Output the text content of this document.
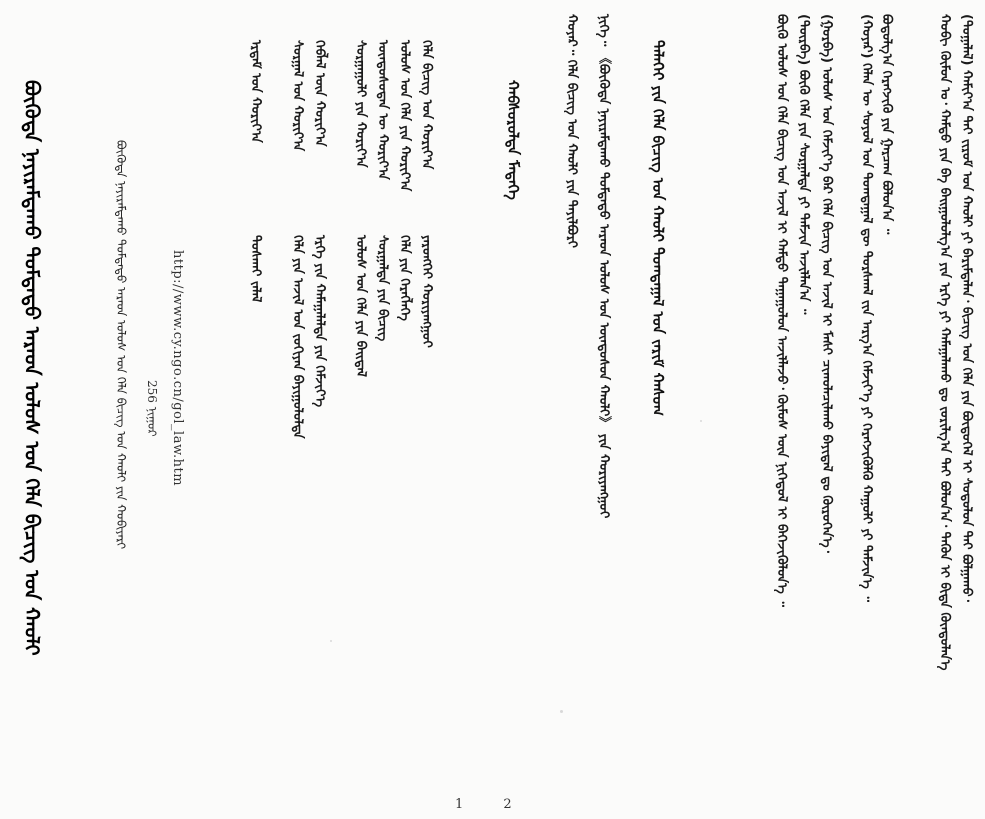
(ᠲᠣᠭᠠᠯᠠᠯ) ᠬᠠᠮᠢᠶ᠎ᠠ ᠲᠠᠢ ᠵᠢᠷᠤᠮ ᠤᠨ ᠬᠠᠤᠯᠢ ᠶᠢ ᠪᠠᠷᠢᠮᠲᠠᠯᠠᠨ᠂ ᠪᠢᠴᠢᠭ ᠤᠨ ᠬᠡᠯᠡ ᠶᠢᠨ ᠪᠦᠲᠦᠭᠡᠯ ᠢ ᠰᠤᠳᠤᠯᠤᠨ ᠲᠠᠢ ᠪᠣᠯᠭᠠᠬᠤ᠂
ᠬᠤᠪᠢ ᠬᠦᠮᠦᠨ ᠤ᠂ ᠬᠠᠮᠲᠤ ᠶᠢᠨ ᠪᠠ ᠪᠠᠢᠭᠤᠯᠤᠯᠭ᠎ᠠ ᠶᠢᠨ ᠡᠷᠬᠡ ᠶᠢ ᠬᠠᠮᠠᠭᠠᠯᠠᠬᠤ ᠳᠤ ᠵᠣᠷᠢᠯᠭ᠎ᠠ ᠲᠠᠢ ᠪᠣᠯᠤᠨ᠎ᠠ᠂ ᠲᠡᠭᠦᠨ ᠢ ᠪᠢᠳᠡ ᠬᠦᠨᠳᠦᠯᠡᠨ᠎ᠡ
ᠪᠣᠳᠣᠯᠭ᠎ᠠ ᠬᠡᠷᠡᠭ᠌ᠵᠢᠬᠦ ᠶᠢᠨ ᠭᠠᠷᠴᠠᠭ ᠪᠣᠯᠤᠨ᠎ᠠ ᠃
(ᠬᠣᠶᠠᠷ) ᠬᠡᠯᠡᠨ ᠦ ᠰᠣᠶᠣᠯ ᠤᠨ ᠲᠣᠭᠲᠠᠭᠠᠯ ᠳᠦ ᠳᠤᠷᠰᠬᠠᠯ ᠵᠢᠨ ᠠᠷᠭ᠎ᠠ ᠬᠡᠮᠵᠢᠶ᠎ᠡ ᠶᠢ ᠬᠡᠷᠡᠭ᠌ᠵᠢᠭᠦᠯᠬᠦ ᠬᠠᠭᠤᠯᠢ ᠶᠢ ᠳᠡᠮᠵᠢᠨ᠎ᠡ ᠃
(ᠭᠤᠷᠪᠠ) ᠤᠯᠤᠰ ᠤᠨ ᠬᠡᠮᠵᠢᠶ᠎ᠡ ᠪᠡᠷ ᠬᠡᠯᠡ ᠪᠢᠴᠢᠭ ᠤᠨ ᠠᠵᠢᠯ ᠢ ᠮᠠᠰᠢ ᠴᠢᠬᠤᠯᠠᠴᠢᠯᠠᠬᠤ ᠪᠠᠶᠢᠳᠠᠯ ᠳᠤ ᠬᠦᠷᠦᠭᠡᠨ᠎ᠡ᠂
(ᠳᠥᠷᠪᠡ) ᠪᠦᠬᠦ ᠬᠡᠯᠡ ᠶᠢᠨ ᠰᠤᠷᠭᠠᠯᠲᠠ ᠶᠢ ᠳᠡᠮᠵᠢᠨ ᠠᠵᠢᠯᠯᠠᠨ᠎ᠠ ᠃
ᠪᠦᠬᠦ ᠤᠯᠤᠰ ᠤᠨ ᠬᠡᠯᠡ ᠪᠢᠴᠢᠭ ᠤᠨ ᠠᠵᠢᠯ ᠢ ᠬᠠᠮᠲᠤ ᠳᠠᠭᠠᠭᠤᠯᠤᠨ ᠠᠵᠢᠯᠯᠠᠵᠤ᠂ ᠬᠦᠮᠦᠰ ᠦᠨ ᠨᠢᠭᠡᠳᠦᠯ ᠢ ᠪᠡᠭᠡᠵᠢᠭᠦᠯᠦᠨ᠎ᠡ ᠃
ᠳᠡᠯᠡᠬᠡᠢ ᠶᠢᠨ ᠬᠡᠯᠡ ᠪᠢᠴᠢᠭ ᠤᠨ ᠬᠠᠤᠯᠢ ᠲᠣᠭᠲᠠᠭᠠᠯ ᠤᠨ ᠵᠠᠷᠢᠮ ᠬᠠᠰᠤᠭ
ᠨᠢᠭᠡ᠃ 《ᠪᠦᠭᠦᠳᠡ ᠨᠠᠶᠢᠷᠠᠮᠳᠠᠬᠤ ᠳᠤᠮᠳᠠᠳᠤ ᠠᠷᠠᠳ ᠤᠯᠤᠰ ᠤᠨ ᠦᠨᠳᠦᠰᠦᠨ ᠬᠠᠤᠯᠢ》 ᠶᠢᠨ ᠬᠤᠷᠢᠶᠠᠩᠭᠤᠢ
ᠬᠣᠶᠠᠷ᠃ ᠬᠡᠯᠡ ᠪᠢᠴᠢᠭ ᠤᠨ ᠬᠠᠤᠯᠢ ᠶᠢᠨ ᠲᠠᠶᠢᠯᠪᠤᠷᠢ
ᠬᠠᠪᠰᠤᠷᠤᠯᠲᠠ ᠮᠡᠳᠡᠭᠡ
ᠬᠡᠯᠡ ᠪᠢᠴᠢᠭ ᠤᠨ ᠬᠣᠷᠢᠶ᠎ᠠ
ᠤᠯᠤᠰ ᠤᠨ ᠬᠡᠯᠡ ᠶᠢᠨ ᠬᠣᠷᠢᠶ᠎ᠠ
ᠦᠨᠳᠦᠰᠦᠲᠡᠨ ᠦ ᠬᠣᠷᠢᠶ᠎ᠠ
ᠰᠤᠷᠭᠠᠭᠤᠯᠢ ᠶᠢᠨ ᠬᠣᠷᠢᠶ᠎ᠠ
ᠬᠡᠪᠯᠡᠯ ᠦᠨ ᠬᠣᠷᠢᠶ᠎ᠠ
ᠰᠤᠷᠭᠠᠯ ᠤᠨ ᠬᠣᠷᠢᠶ᠎ᠠ
ᠡᠷᠳᠡᠮ ᠤᠨ ᠬᠣᠷᠢᠶ᠎ᠠ
ᠶᠡᠷᠦᠩᠬᠡᠢ ᠬᠤᠷᠢᠶᠠᠩᠭᠤᠢ
ᠬᠡᠯᠡ ᠶᠢᠨ ᠬᠡᠷᠡᠭ᠌ᠯᠡᠭᠡ
ᠰᠤᠷᠭᠠᠯᠲᠠ ᠶᠢᠨ ᠪᠢᠴᠢᠭ
ᠤᠯᠤᠰ ᠤᠨ ᠬᠡᠯᠡ ᠶᠢᠨ ᠪᠠᠢᠳᠠᠯ
ᠡᠷᠬᠡ ᠶᠢᠨ ᠬᠠᠮᠠᠭᠠᠯᠠᠯᠲᠠ ᠶᠢᠨ ᠬᠡᠮᠵᠢᠶ᠎ᠡ
ᠬᠡᠯᠡ ᠶᠢᠨ ᠠᠵᠢᠯ ᠤᠨ ᠵᠣᠬᠢᠶᠠᠨ ᠪᠠᠶᠢᠭᠤᠯᠤᠯᠲᠠ
ᠲᠤᠰᠬᠠᠢ ᠵᠠᠯᠠᠯ
http://www.cy.ngo.cn/gol_law.htm
256 ᠨᠢᠭᠤᠷ
ᠪᠦᠭᠦᠳᠡ ᠨᠠᠶᠢᠷᠠᠮᠳᠠᠬᠤ ᠳᠤᠮᠳᠠᠳᠤ ᠠᠷᠠᠳ ᠤᠯᠤᠰ ᠤᠨ ᠬᠡᠯᠡ ᠪᠢᠴᠢᠭ ᠤᠨ ᠬᠠᠤᠯᠢ ᠶᠢᠨ ᠬᠤᠪᠢᠶᠠᠷᠢ
ᠪᠦᠭᠦᠳᠡ ᠨᠠᠶᠢᠷᠠᠮᠳᠠᠬᠤ ᠳᠤᠮᠳᠠᠳᠤ ᠠᠷᠠᠳ ᠤᠯᠤᠰ ᠤᠨ ᠬᠡᠯᠡ ᠪᠢᠴᠢᠭ ᠤᠨ ᠬᠠᠤᠯᠢ
1 2
